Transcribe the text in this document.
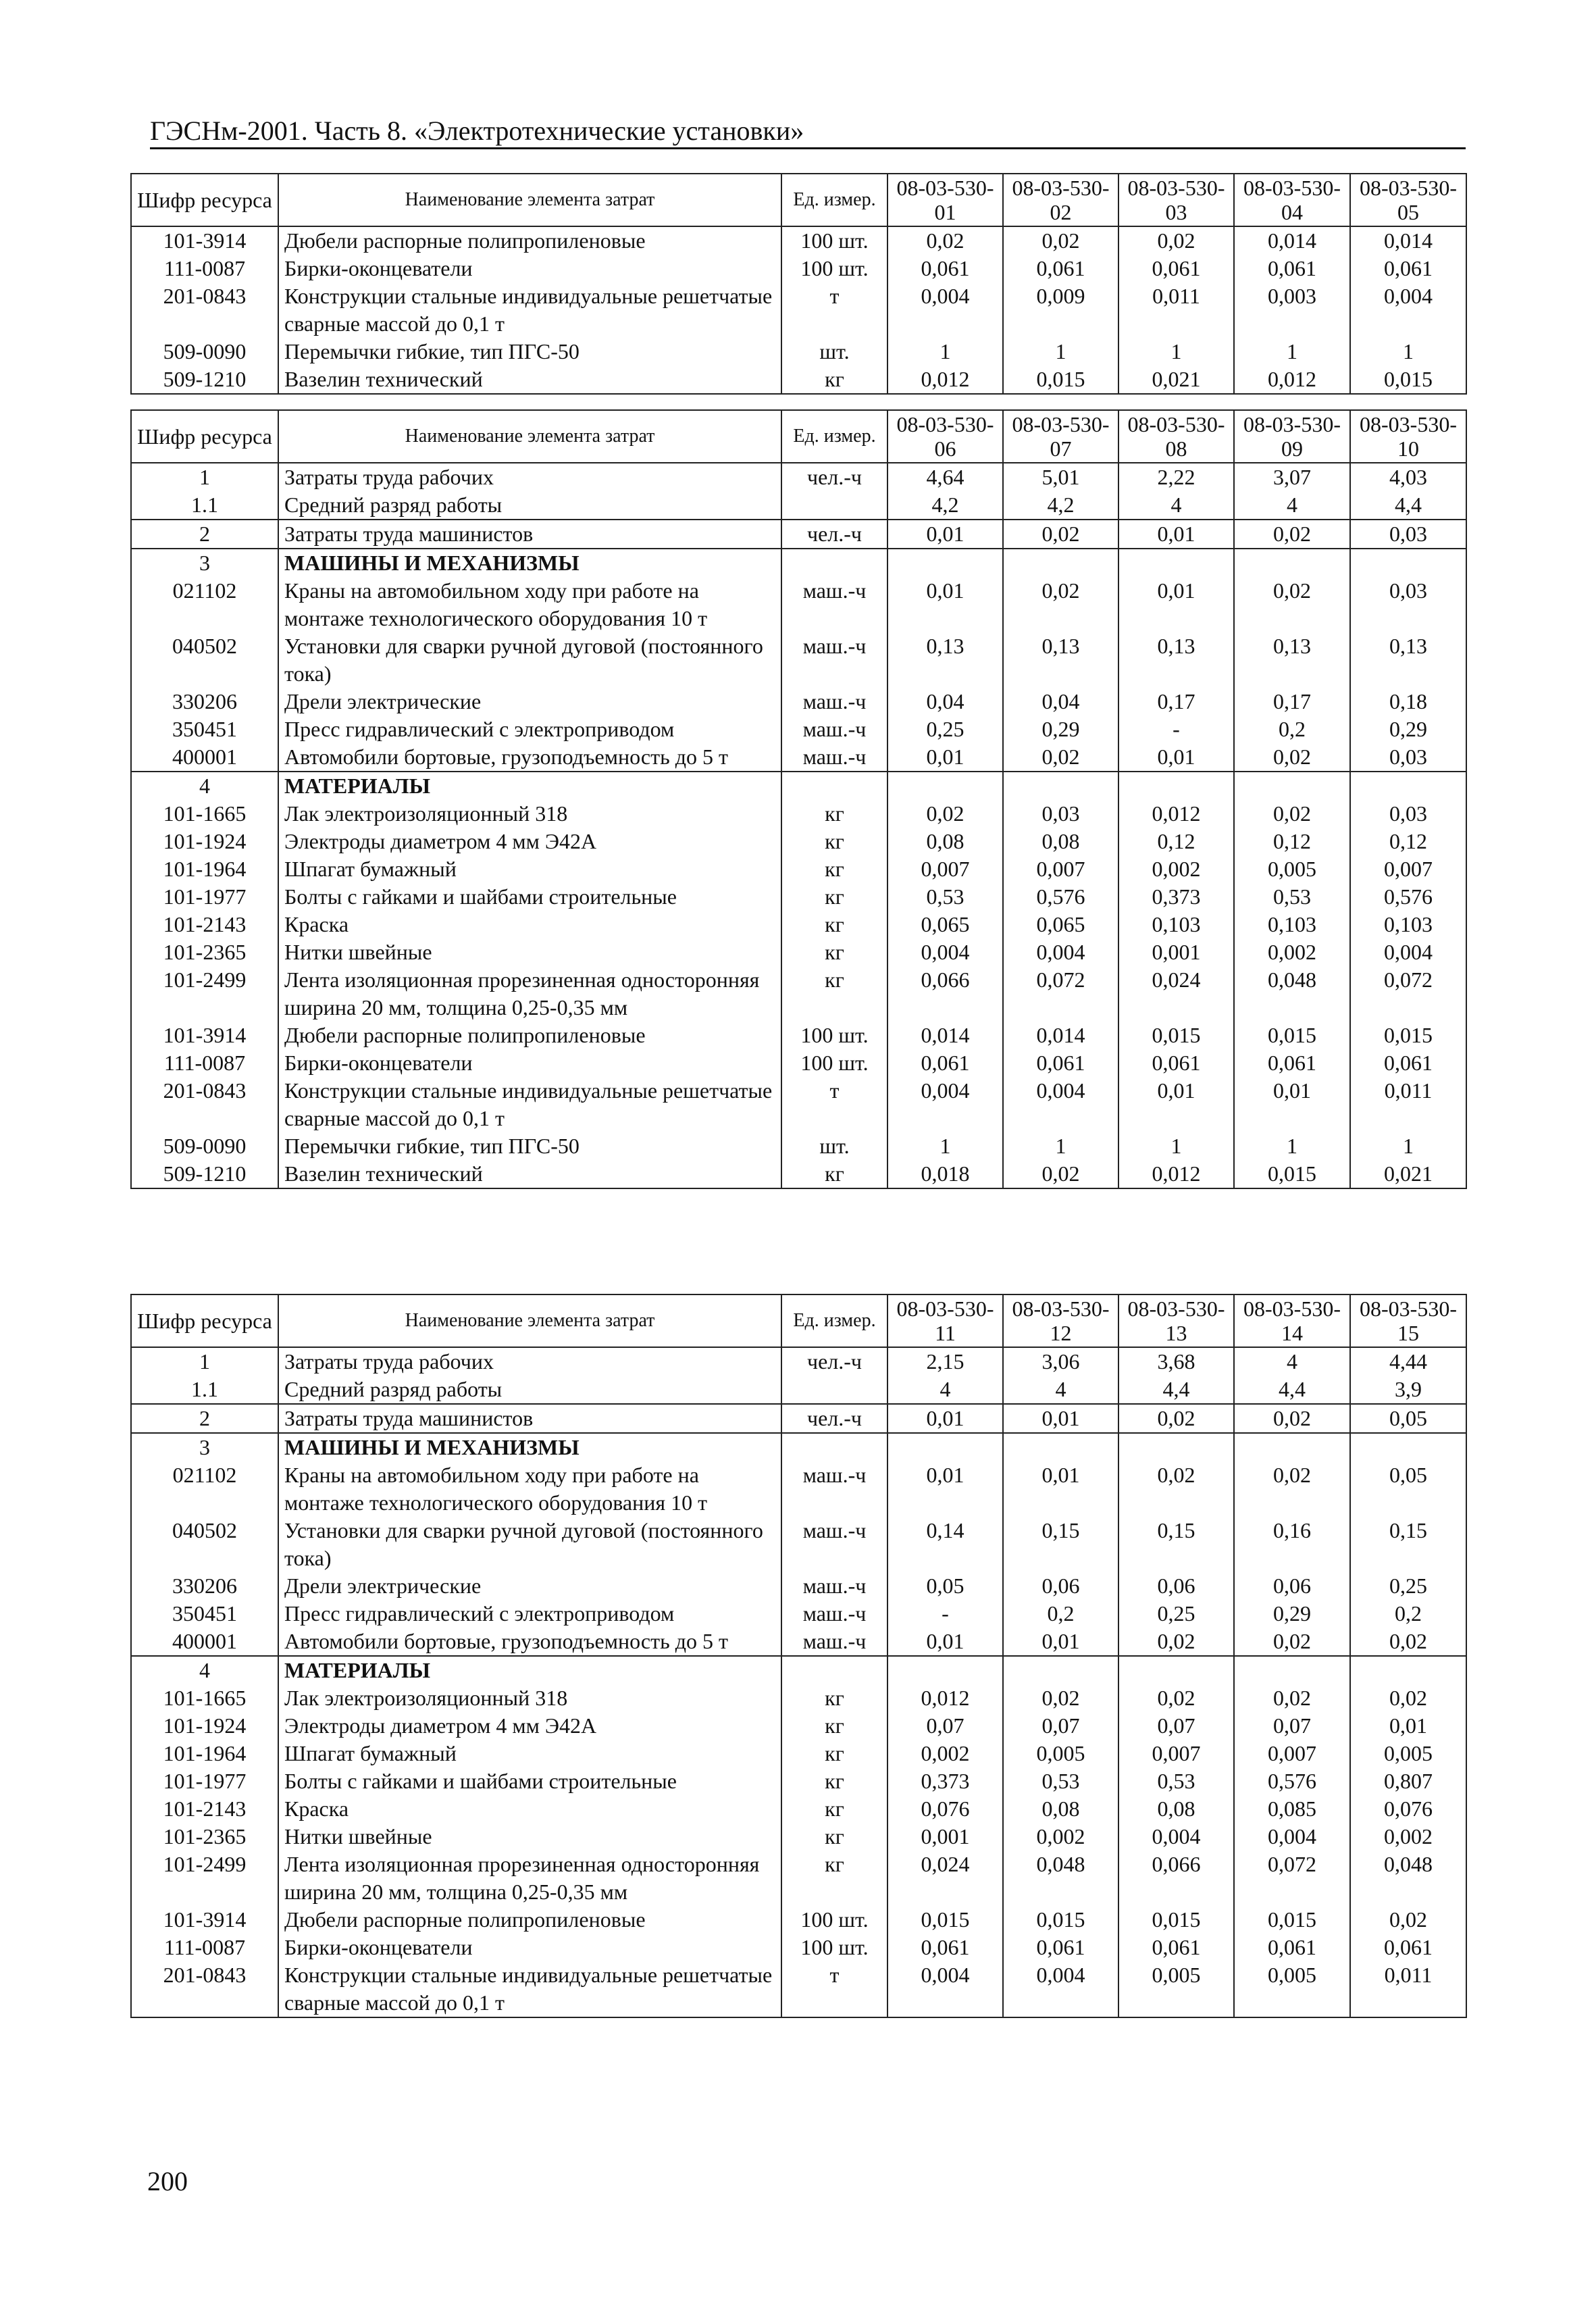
ГЭСНм-2001. Часть 8. «Электротехнические установки»
Шифр ресурса	Наименование элемента затрат	Ед. измер.	08-03-530-01	08-03-530-02	08-03-530-03	08-03-530-04	08-03-530-05
101-3914	Дюбели распорные полипропиленовые	100 шт.	0,02	0,02	0,02	0,014	0,014
111-0087	Бирки-оконцеватели	100 шт.	0,061	0,061	0,061	0,061	0,061
201-0843	Конструкции стальные индивидуальные решетчатые сварные массой до 0,1 т	т	0,004	0,009	0,011	0,003	0,004
509-0090	Перемычки гибкие, тип ПГС-50	шт.	1	1	1	1	1
509-1210	Вазелин технический	кг	0,012	0,015	0,021	0,012	0,015
Шифр ресурса	Наименование элемента затрат	Ед. измер.	08-03-530-06	08-03-530-07	08-03-530-08	08-03-530-09	08-03-530-10
1	Затраты труда рабочих	чел.-ч	4,64	5,01	2,22	3,07	4,03
1.1	Средний разряд работы		4,2	4,2	4	4	4,4
2	Затраты труда машинистов	чел.-ч	0,01	0,02	0,01	0,02	0,03
3	МАШИНЫ И МЕХАНИЗМЫ						
021102	Краны на автомобильном ходу при работе на монтаже технологического оборудования 10 т	маш.-ч	0,01	0,02	0,01	0,02	0,03
040502	Установки для сварки ручной дуговой (постоянного тока)	маш.-ч	0,13	0,13	0,13	0,13	0,13
330206	Дрели электрические	маш.-ч	0,04	0,04	0,17	0,17	0,18
350451	Пресс гидравлический с электроприводом	маш.-ч	0,25	0,29	-	0,2	0,29
400001	Автомобили бортовые, грузоподъемность до 5 т	маш.-ч	0,01	0,02	0,01	0,02	0,03
4	МАТЕРИАЛЫ						
101-1665	Лак электроизоляционный 318	кг	0,02	0,03	0,012	0,02	0,03
101-1924	Электроды диаметром 4 мм Э42А	кг	0,08	0,08	0,12	0,12	0,12
101-1964	Шпагат бумажный	кг	0,007	0,007	0,002	0,005	0,007
101-1977	Болты с гайками и шайбами строительные	кг	0,53	0,576	0,373	0,53	0,576
101-2143	Краска	кг	0,065	0,065	0,103	0,103	0,103
101-2365	Нитки швейные	кг	0,004	0,004	0,001	0,002	0,004
101-2499	Лента изоляционная прорезиненная односторонняя ширина 20 мм, толщина 0,25-0,35 мм	кг	0,066	0,072	0,024	0,048	0,072
101-3914	Дюбели распорные полипропиленовые	100 шт.	0,014	0,014	0,015	0,015	0,015
111-0087	Бирки-оконцеватели	100 шт.	0,061	0,061	0,061	0,061	0,061
201-0843	Конструкции стальные индивидуальные решетчатые сварные массой до 0,1 т	т	0,004	0,004	0,01	0,01	0,011
509-0090	Перемычки гибкие, тип ПГС-50	шт.	1	1	1	1	1
509-1210	Вазелин технический	кг	0,018	0,02	0,012	0,015	0,021
Шифр ресурса	Наименование элемента затрат	Ед. измер.	08-03-530-11	08-03-530-12	08-03-530-13	08-03-530-14	08-03-530-15
1	Затраты труда рабочих	чел.-ч	2,15	3,06	3,68	4	4,44
1.1	Средний разряд работы		4	4	4,4	4,4	3,9
2	Затраты труда машинистов	чел.-ч	0,01	0,01	0,02	0,02	0,05
3	МАШИНЫ И МЕХАНИЗМЫ						
021102	Краны на автомобильном ходу при работе на монтаже технологического оборудования 10 т	маш.-ч	0,01	0,01	0,02	0,02	0,05
040502	Установки для сварки ручной дуговой (постоянного тока)	маш.-ч	0,14	0,15	0,15	0,16	0,15
330206	Дрели электрические	маш.-ч	0,05	0,06	0,06	0,06	0,25
350451	Пресс гидравлический с электроприводом	маш.-ч	-	0,2	0,25	0,29	0,2
400001	Автомобили бортовые, грузоподъемность до 5 т	маш.-ч	0,01	0,01	0,02	0,02	0,02
4	МАТЕРИАЛЫ						
101-1665	Лак электроизоляционный 318	кг	0,012	0,02	0,02	0,02	0,02
101-1924	Электроды диаметром 4 мм Э42А	кг	0,07	0,07	0,07	0,07	0,01
101-1964	Шпагат бумажный	кг	0,002	0,005	0,007	0,007	0,005
101-1977	Болты с гайками и шайбами строительные	кг	0,373	0,53	0,53	0,576	0,807
101-2143	Краска	кг	0,076	0,08	0,08	0,085	0,076
101-2365	Нитки швейные	кг	0,001	0,002	0,004	0,004	0,002
101-2499	Лента изоляционная прорезиненная односторонняя ширина 20 мм, толщина 0,25-0,35 мм	кг	0,024	0,048	0,066	0,072	0,048
101-3914	Дюбели распорные полипропиленовые	100 шт.	0,015	0,015	0,015	0,015	0,02
111-0087	Бирки-оконцеватели	100 шт.	0,061	0,061	0,061	0,061	0,061
201-0843	Конструкции стальные индивидуальные решетчатые сварные массой до 0,1 т	т	0,004	0,004	0,005	0,005	0,011
200
